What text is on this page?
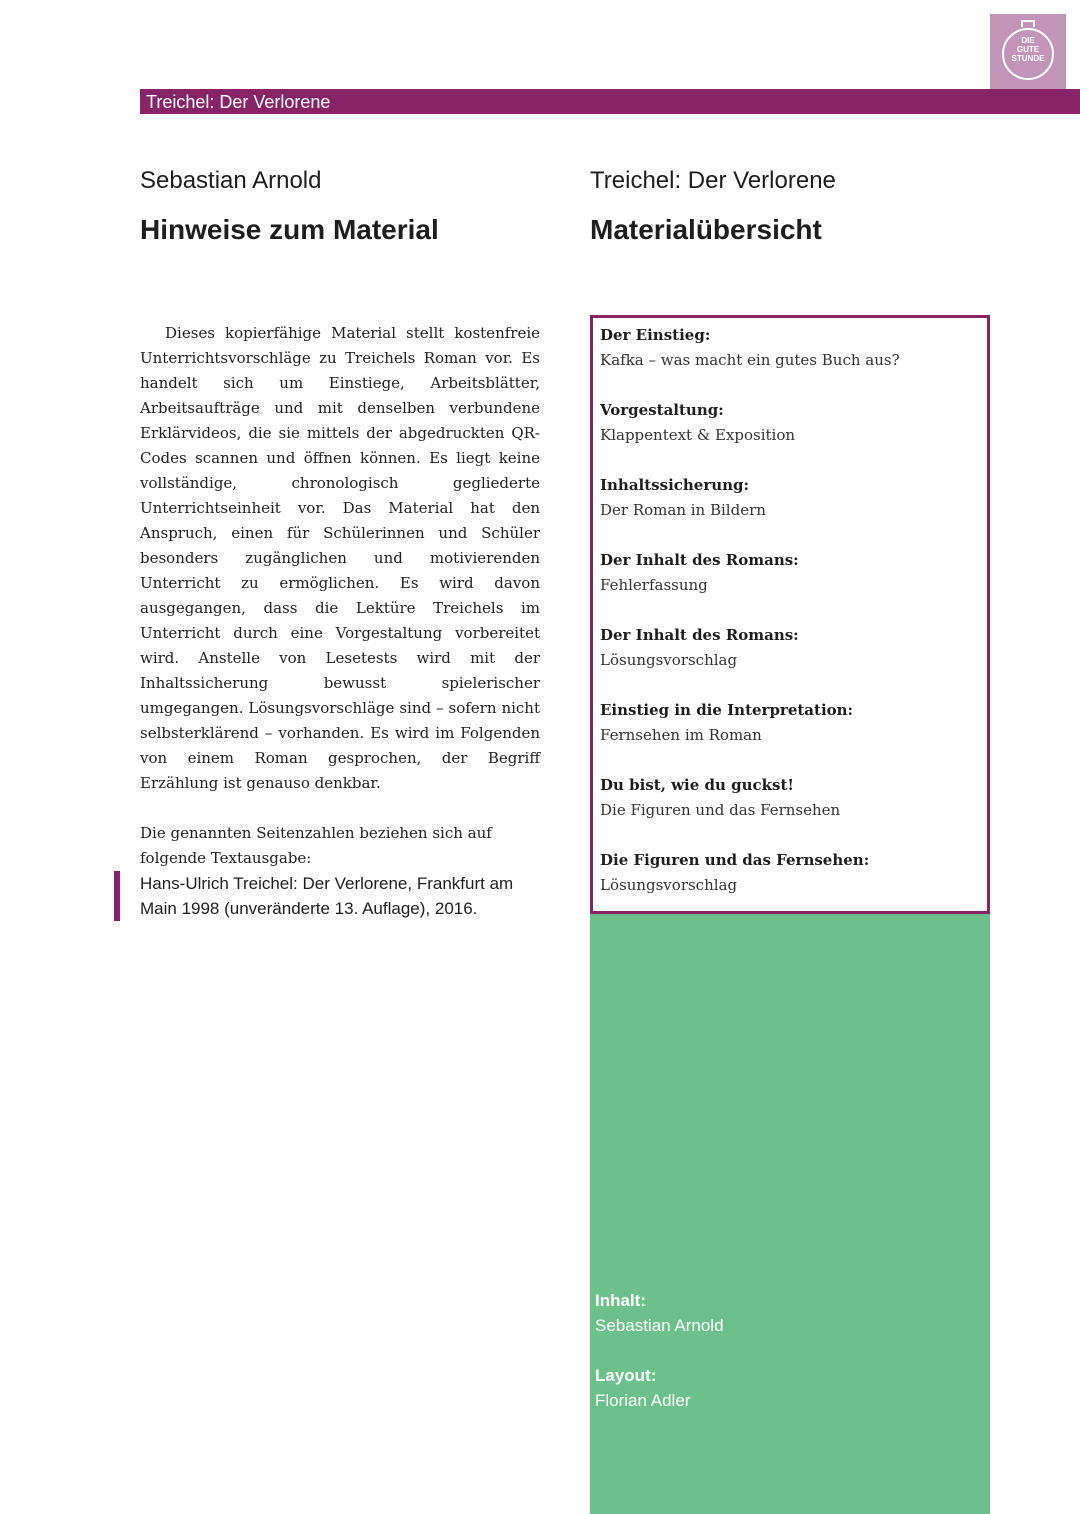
DIE
GUTE
STUNDE
Treichel: Der Verlorene
Sebastian Arnold
Hinweise zum Material
Treichel: Der Verlorene
Materialübersicht

Dieses kopierfähige Material stellt kostenfreie Unterrichtsvorschläge zu Treichels Roman vor. Es handelt sich um Einstiege, Arbeitsblätter, Arbeitsaufträge und mit denselben verbundene Erklärvideos, die sie mittels der abgedruckten QR-Codes scannen und öffnen können. Es liegt keine vollständige, chronologisch gegliederte Unterrichtseinheit vor. Das Material hat den Anspruch, einen für Schülerinnen und Schüler besonders zugänglichen und motivierenden Unterricht zu ermöglichen. Es wird davon ausgegangen, dass die Lektüre Treichels im Unterricht durch eine Vorgestaltung vorbereitet wird. Anstelle von Lesetests wird mit der Inhaltssicherung bewusst spielerischer umgegangen. Lösungsvorschläge sind – sofern nicht selbsterklärend – vorhanden. Es wird im Folgenden von einem Roman gesprochen, der Begriff Erzählung ist genauso denkbar.

Die genannten Seitenzahlen beziehen sich auf folgende Textausgabe:

Hans-Ulrich Treichel: Der Verlorene, Frankfurt am Main 1998 (unveränderte 13. Auflage), 2016.
Der Einstieg:
Kafka – was macht ein gutes Buch aus?
Vorgestaltung:
Klappentext & Exposition
Inhaltssicherung:
Der Roman in Bildern
Der Inhalt des Romans:
Fehlerfassung
Der Inhalt des Romans:
Lösungsvorschlag
Einstieg in die Interpretation:
Fernsehen im Roman
Du bist, wie du guckst!
Die Figuren und das Fernsehen
Die Figuren und das Fernsehen:
Lösungsvorschlag
Inhalt:
Sebastian Arnold
Layout:
Florian Adler
